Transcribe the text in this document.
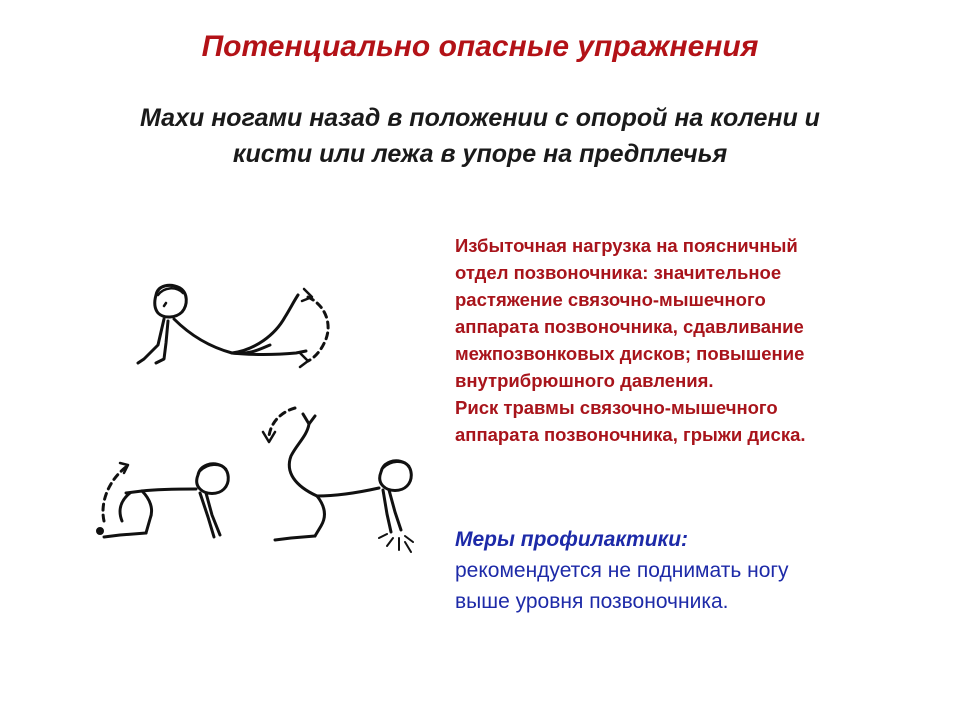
Потенциально опасные упражнения
Махи ногами назад в положении с опорой на колени и
кисти или лежа в упоре на предплечья

Избыточная нагрузка на поясничный

отдел позвоночника: значительное

растяжение связочно-мышечного

аппарата позвоночника, сдавливание

межпозвонковых дисков; повышение

внутрибрюшного давления.

Риск травмы связочно-мышечного

аппарата позвоночника, грыжи диска.

Меры профилактики:
рекомендуется не поднимать ногу
выше уровня позвоночника.
